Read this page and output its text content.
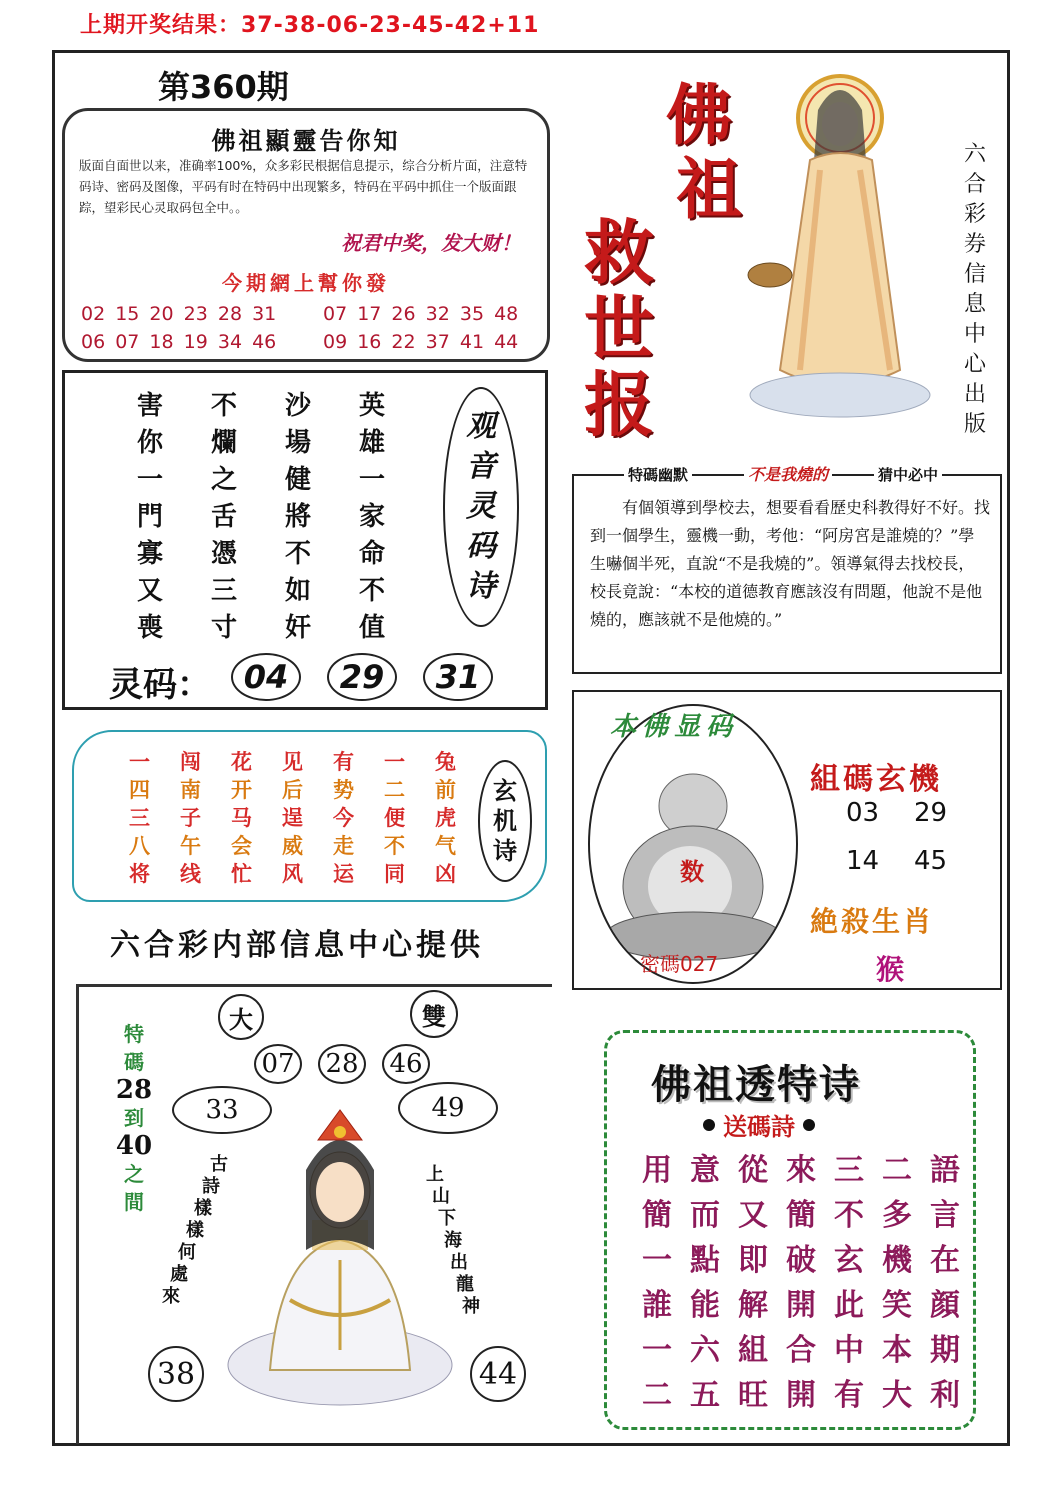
上期开奖结果：37-38-06-23-45-42+11
第360期
佛祖顯靈告你知
版面自面世以来，准确率100%，众多彩民根据信息提示，综合分析片面，注意特码诗、密码及图像，平码有时在特码中出现繁多，特码在平码中抓住一个版面跟踪，望彩民心灵取码包全中。。
祝君中奖，发大财！
今期網上幫你發
02 15 20 23 28 31 07 17 26 32 35 48
06 07 18 19 34 46 09 16 22 37 41 44
害	不	沙	英
你	爛	場	雄
一	之	健	一
門	舌	將	家
寡	憑	不	命
又	三	如	不
喪	寸	奸	值
观
音
灵
码
诗
灵码：	04	29	31
一	闯	花	见	有	一	兔
四	南	开	后	势	二	前
三	子	马	逞	今	便	虎
八	午	会	威	走	不	气
将	线	忙	风	运	同	凶
玄
机
诗
六合彩内部信息中心提供
大	雙
07 28 46
33	49
特
碼
28
到
40
之
間
古
詩
樣
樣
何
處
來
上
山
下
海
出
龍
神
38	44
佛
祖
救
世
报
六
合
彩
券
信
息
中
心
出
版
特碼幽默	不是我燒的	猜中必中
有個領導到學校去，想要看看歷史科教得好不好。找到一個學生，靈機一動，考他：“阿房宮是誰燒的？”學生嚇個半死，直說“不是我燒的”。領導氣得去找校長，校長竟說：“本校的道德教育應該沒有問題，他說不是他燒的，應該就不是他燒的。”
本佛显码
数
密碼027
組碼玄機
03 29
14 45
絶殺生肖
猴
佛祖透特诗
送碼詩
用 意 從 來 三 二 語
簡 而 又 簡 不 多 言
一 點 即 破 玄 機 在
誰 能 解 開 此 笑 顔
一 六 組 合 中 本 期
二 五 旺 開 有 大 利
